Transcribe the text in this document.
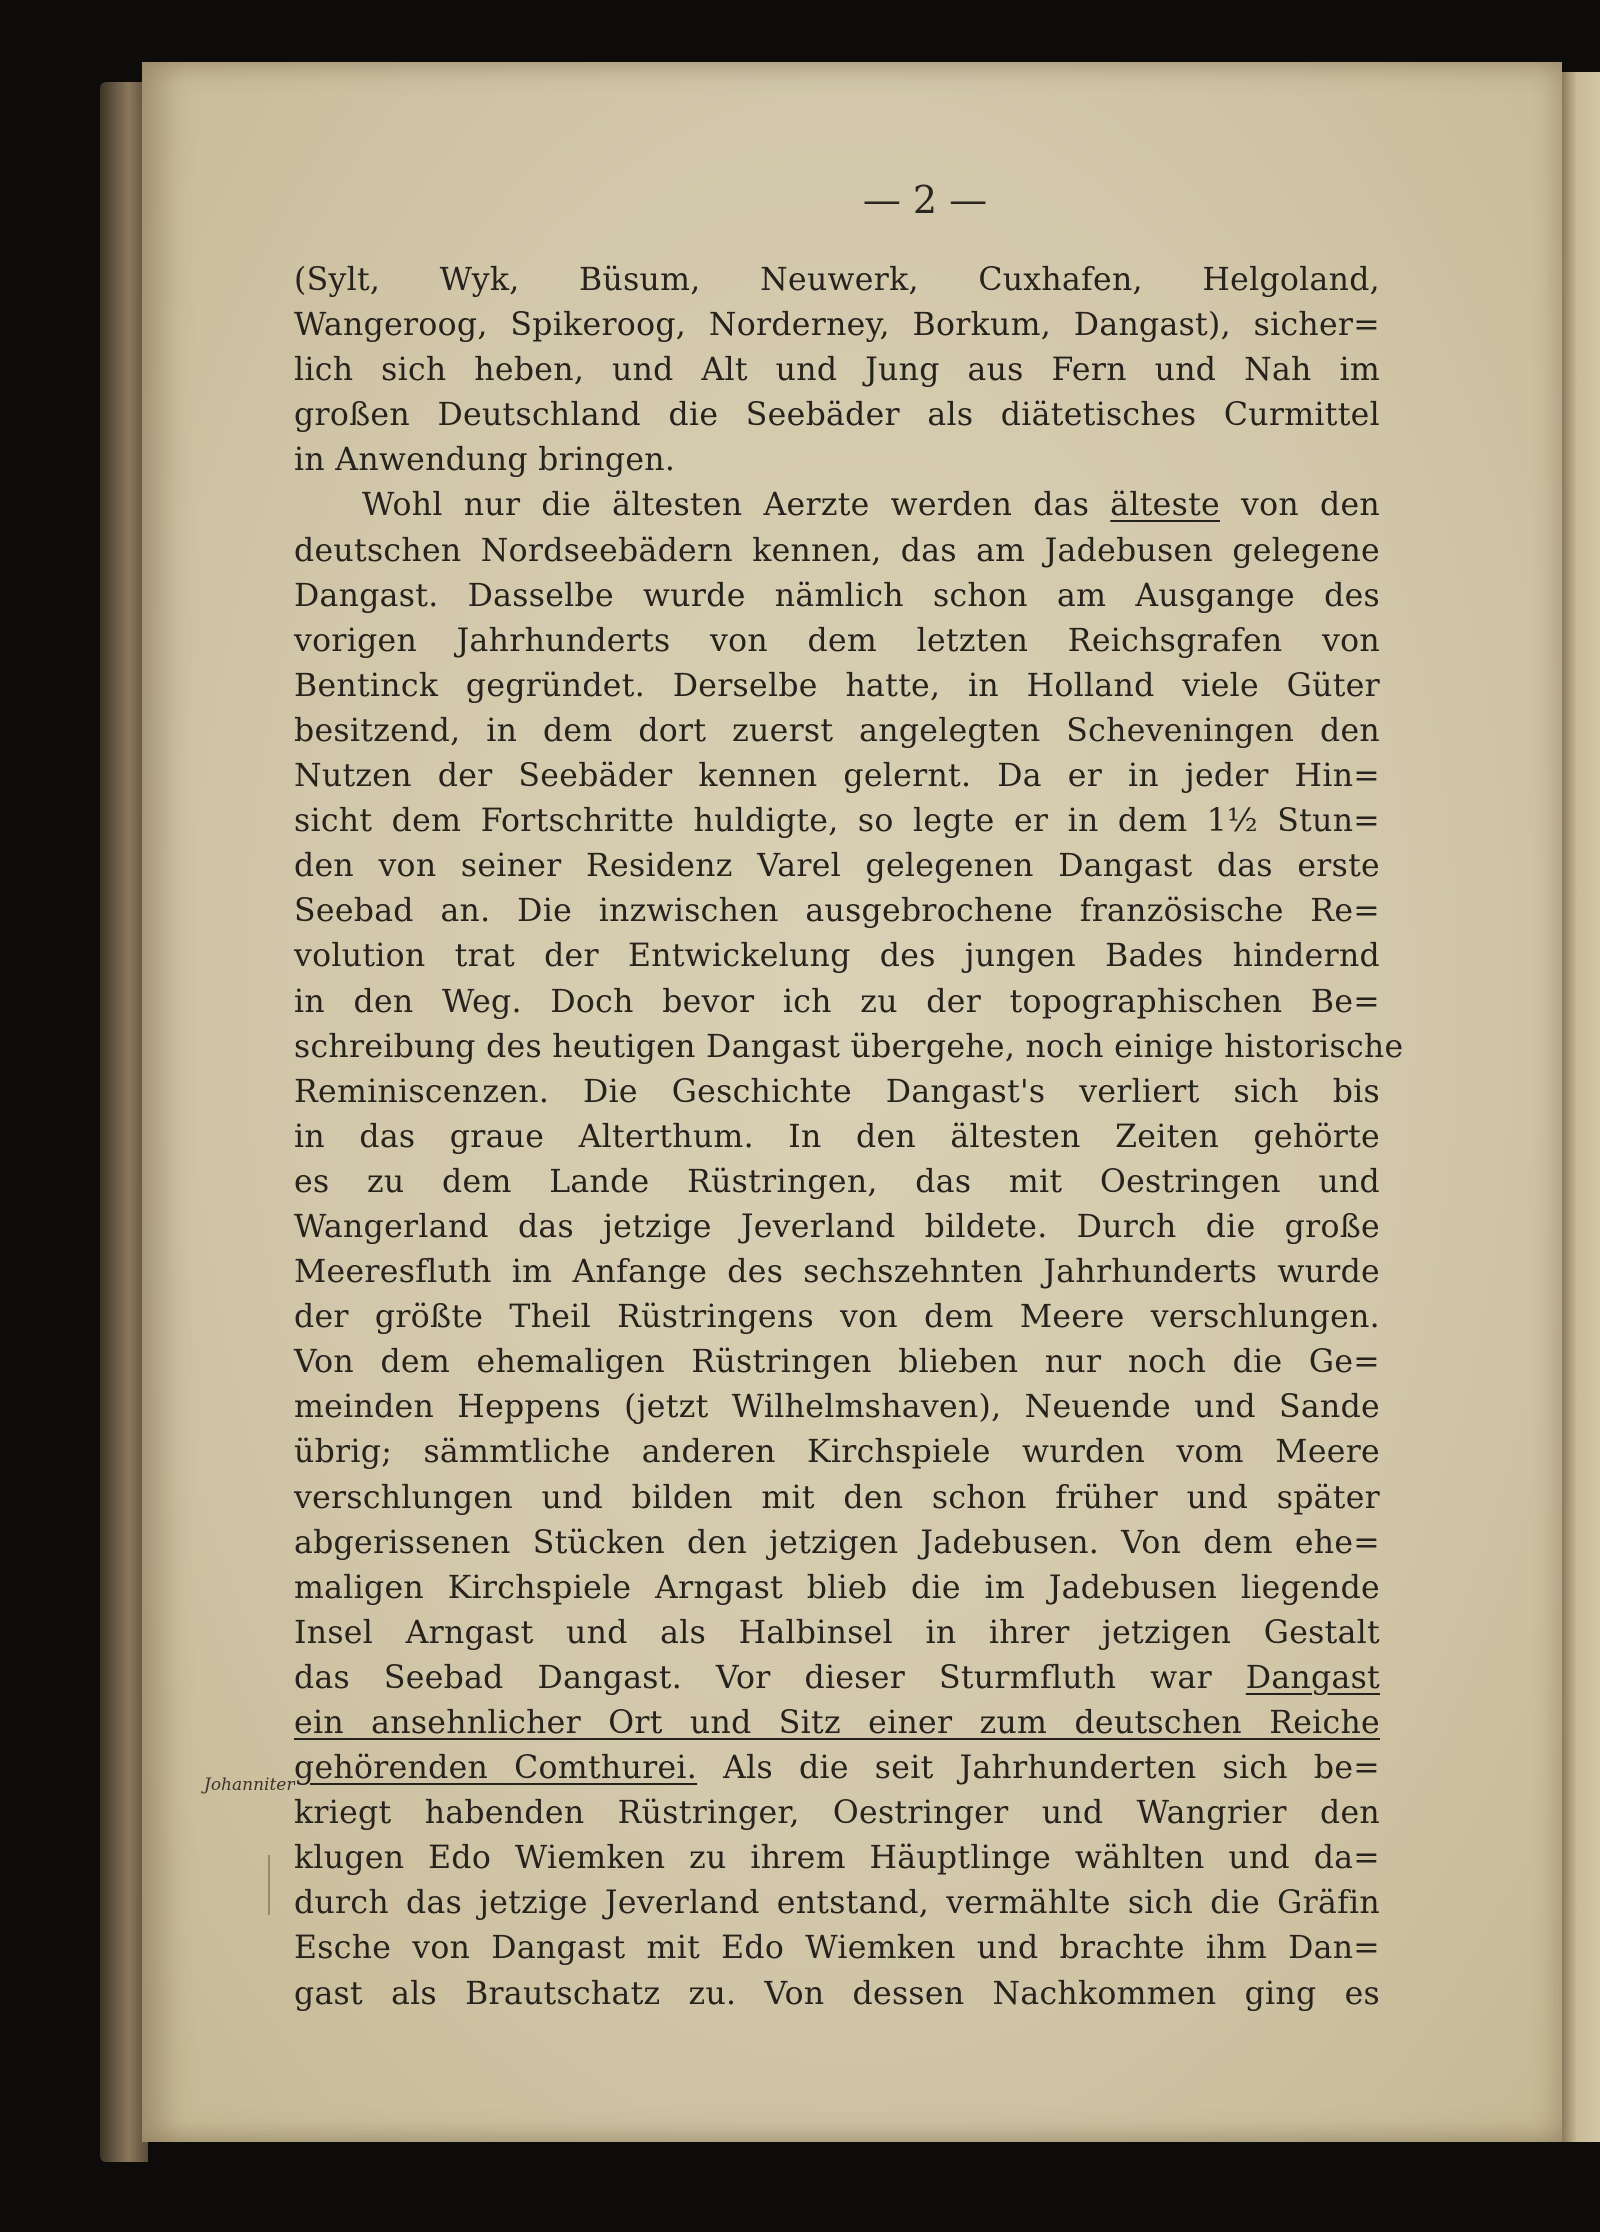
— 2 —
Johanniter
(Sylt, Wyk, Büsum, Neuwerk, Cuxhafen, Helgoland,
Wangeroog, Spikeroog, Norderney, Borkum, Dangast), sicher=
lich sich heben, und Alt und Jung aus Fern und Nah im
großen Deutschland die Seebäder als diätetisches Curmittel
in Anwendung bringen.
Wohl nur die ältesten Aerzte werden das älteste von den
deutschen Nordseebädern kennen, das am Jadebusen gelegene
Dangast. Dasselbe wurde nämlich schon am Ausgange des
vorigen Jahrhunderts von dem letzten Reichsgrafen von
Bentinck gegründet. Derselbe hatte, in Holland viele Güter
besitzend, in dem dort zuerst angelegten Scheveningen den
Nutzen der Seebäder kennen gelernt. Da er in jeder Hin=
sicht dem Fortschritte huldigte, so legte er in dem 1½ Stun=
den von seiner Residenz Varel gelegenen Dangast das erste
Seebad an. Die inzwischen ausgebrochene französische Re=
volution trat der Entwickelung des jungen Bades hindernd
in den Weg. Doch bevor ich zu der topographischen Be=
schreibung des heutigen Dangast übergehe, noch einige historische
Reminiscenzen. Die Geschichte Dangast's verliert sich bis
in das graue Alterthum. In den ältesten Zeiten gehörte
es zu dem Lande Rüstringen, das mit Oestringen und
Wangerland das jetzige Jeverland bildete. Durch die große
Meeresfluth im Anfange des sechszehnten Jahrhunderts wurde
der größte Theil Rüstringens von dem Meere verschlungen.
Von dem ehemaligen Rüstringen blieben nur noch die Ge=
meinden Heppens (jetzt Wilhelmshaven), Neuende und Sande
übrig; sämmtliche anderen Kirchspiele wurden vom Meere
verschlungen und bilden mit den schon früher und später
abgerissenen Stücken den jetzigen Jadebusen. Von dem ehe=
maligen Kirchspiele Arngast blieb die im Jadebusen liegende
Insel Arngast und als Halbinsel in ihrer jetzigen Gestalt
das Seebad Dangast. Vor dieser Sturmfluth war Dangast
ein ansehnlicher Ort und Sitz einer zum deutschen Reiche
gehörenden Comthurei. Als die seit Jahrhunderten sich be=
kriegt habenden Rüstringer, Oestringer und Wangrier den
klugen Edo Wiemken zu ihrem Häuptlinge wählten und da=
durch das jetzige Jeverland entstand, vermählte sich die Gräfin
Esche von Dangast mit Edo Wiemken und brachte ihm Dan=
gast als Brautschatz zu. Von dessen Nachkommen ging es
